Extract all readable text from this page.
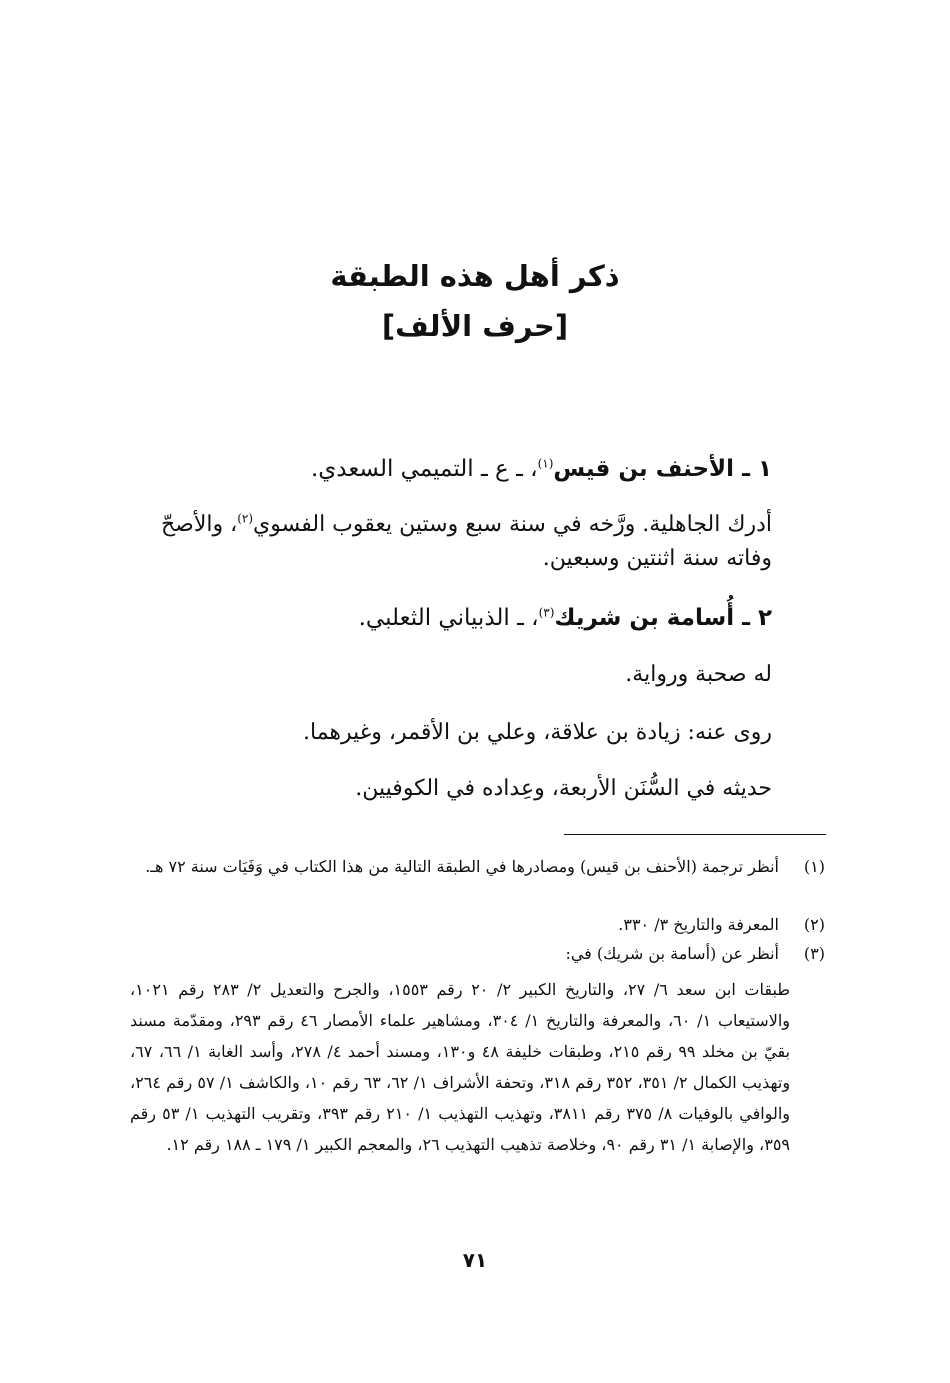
ذكر أهل هذه الطبقة
[حرف الألف]
١ ـ الأحنف بن قيس$^{(١)}$، ـ ع ـ التميمي السعدي.
أدرك الجاهلية. ورَّخه في سنة سبع وستين يعقوب الفسوي$^{(٢)}$، والأصحّ وفاته سنة اثنتين وسبعين.
٢ ـ أُسامة بن شريك$^{(٣)}$، ـ الذبياني الثعلبي.
له صحبة ورواية.
روى عنه: زيادة بن علاقة، وعلي بن الأقمر، وغيرهما.
حديثه في السُّنَن الأربعة، وعِداده في الكوفيين.
(١)أنظر ترجمة (الأحنف بن قيس) ومصادرها في الطبقة التالية من هذا الكتاب في وَفَيَات سنة ٧٢ هـ.
(٢)المعرفة والتاريخ ٣/ ٣٣٠.
(٣)أنظر عن (أسامة بن شريك) في:
طبقات ابن سعد ٦/ ٢٧، والتاريخ الكبير ٢/ ٢٠ رقم ١٥٥٣، والجرح والتعديل ٢/ ٢٨٣ رقم ١٠٢١، والاستيعاب ١/ ٦٠، والمعرفة والتاريخ ١/ ٣٠٤، ومشاهير علماء الأمصار ٤٦ رقم ٢٩٣، ومقدّمة مسند بقيّ بن مخلد ٩٩ رقم ٢١٥، وطبقات خليفة ٤٨ و١٣٠، ومسند أحمد ٤/ ٢٧٨، وأسد الغابة ١/ ٦٦، ٦٧، وتهذيب الكمال ٢/ ٣٥١، ٣٥٢ رقم ٣١٨، وتحفة الأشراف ١/ ٦٢، ٦٣ رقم ١٠، والكاشف ١/ ٥٧ رقم ٢٦٤، والوافي بالوفيات ٨/ ٣٧٥ رقم ٣٨١١، وتهذيب التهذيب ١/ ٢١٠ رقم ٣٩٣، وتقريب التهذيب ١/ ٥٣ رقم ٣٥٩، والإصابة ١/ ٣١ رقم ٩٠، وخلاصة تذهيب التهذيب ٢٦، والمعجم الكبير ١/ ١٧٩ ـ ١٨٨ رقم ١٢.
٧١
